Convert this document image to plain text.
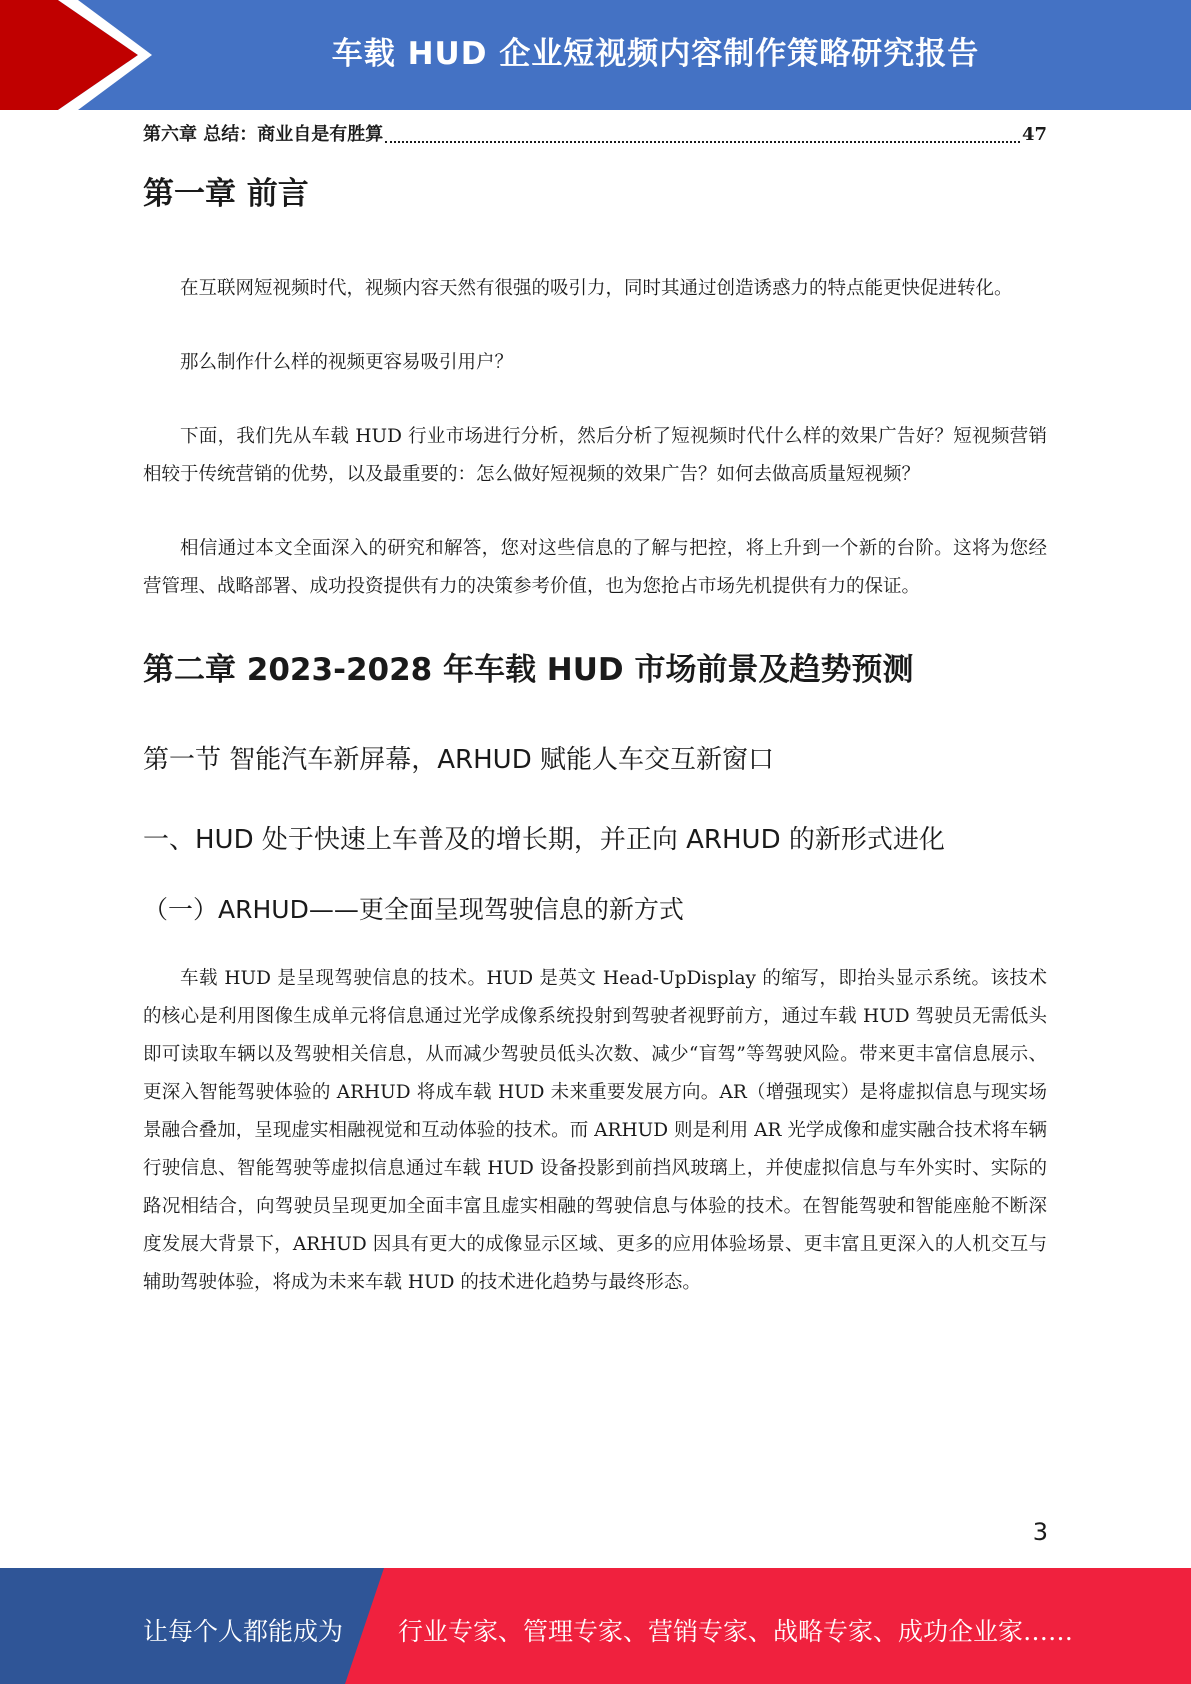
车载 HUD 企业短视频内容制作策略研究报告
第六章 总结：商业自是有胜算	47
第一章 前言

在互联网短视频时代，视频内容天然有很强的吸引力，同时其通过创造诱惑力的特点能更快促进转化。

那么制作什么样的视频更容易吸引用户？

下面，我们先从车载 HUD 行业市场进行分析，然后分析了短视频时代什么样的效果广告好？短视频营销相较于传统营销的优势，以及最重要的：怎么做好短视频的效果广告？如何去做高质量短视频？

相信通过本文全面深入的研究和解答，您对这些信息的了解与把控，将上升到一个新的台阶。这将为您经营管理、战略部署、成功投资提供有力的决策参考价值，也为您抢占市场先机提供有力的保证。

第二章 2023-2028 年车载 HUD 市场前景及趋势预测
第一节 智能汽车新屏幕，ARHUD 赋能人车交互新窗口
一、HUD 处于快速上车普及的增长期，并正向 ARHUD 的新形式进化
（一）ARHUD——更全面呈现驾驶信息的新方式

车载 HUD 是呈现驾驶信息的技术。HUD 是英文 Head-UpDisplay 的缩写，即抬头显示系统。该技术的核心是利用图像生成单元将信息通过光学成像系统投射到驾驶者视野前方，通过车载 HUD 驾驶员无需低头即可读取车辆以及驾驶相关信息，从而减少驾驶员低头次数、减少“盲驾”等驾驶风险。带来更丰富信息展示、更深入智能驾驶体验的 ARHUD 将成车载 HUD 未来重要发展方向。AR（增强现实）是将虚拟信息与现实场景融合叠加，呈现虚实相融视觉和互动体验的技术。而 ARHUD 则是利用 AR 光学成像和虚实融合技术将车辆行驶信息、智能驾驶等虚拟信息通过车载 HUD 设备投影到前挡风玻璃上，并使虚拟信息与车外实时、实际的路况相结合，向驾驶员呈现更加全面丰富且虚实相融的驾驶信息与体验的技术。在智能驾驶和智能座舱不断深度发展大背景下，ARHUD 因具有更大的成像显示区域、更多的应用体验场景、更丰富且更深入的人机交互与辅助驾驶体验，将成为未来车载 HUD 的技术进化趋势与最终形态。

3
让每个人都能成为 行业专家、管理专家、营销专家、战略专家、成功企业家……
